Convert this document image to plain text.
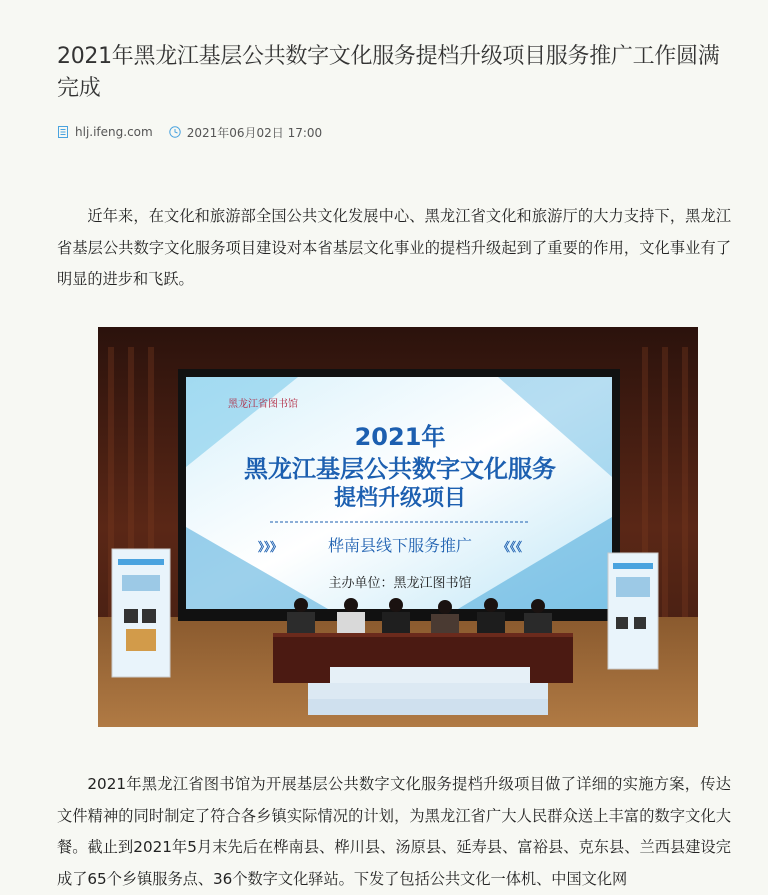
2021年黑龙江基层公共数字文化服务提档升级项目服务推广工作圆满完成
hlj.ifeng.com	2021年06月02日 17:00

近年来，在文化和旅游部全国公共文化发展中心、黑龙江省文化和旅游厅的大力支持下，黑龙江省基层公共数字文化服务项目建设对本省基层文化事业的提档升级起到了重要的作用，文化事业有了明显的进步和飞跃。

2021年黑龙江省图书馆为开展基层公共数字文化服务提档升级项目做了详细的实施方案，传达文件精神的同时制定了符合各乡镇实际情况的计划，为黑龙江省广大人民群众送上丰富的数字文化大餐。截止到2021年5月末先后在桦南县、桦川县、汤原县、延寿县、富裕县、克东县、兰西县建设完成了65个乡镇服务点、36个数字文化驿站。下发了包括公共文化一体机、中国文化网

黑龙江省图书馆
2021年
黑龙江基层公共数字文化服务
提档升级项目
》》》	桦南县线下服务推广 《《《
主办单位：黑龙江图书馆
